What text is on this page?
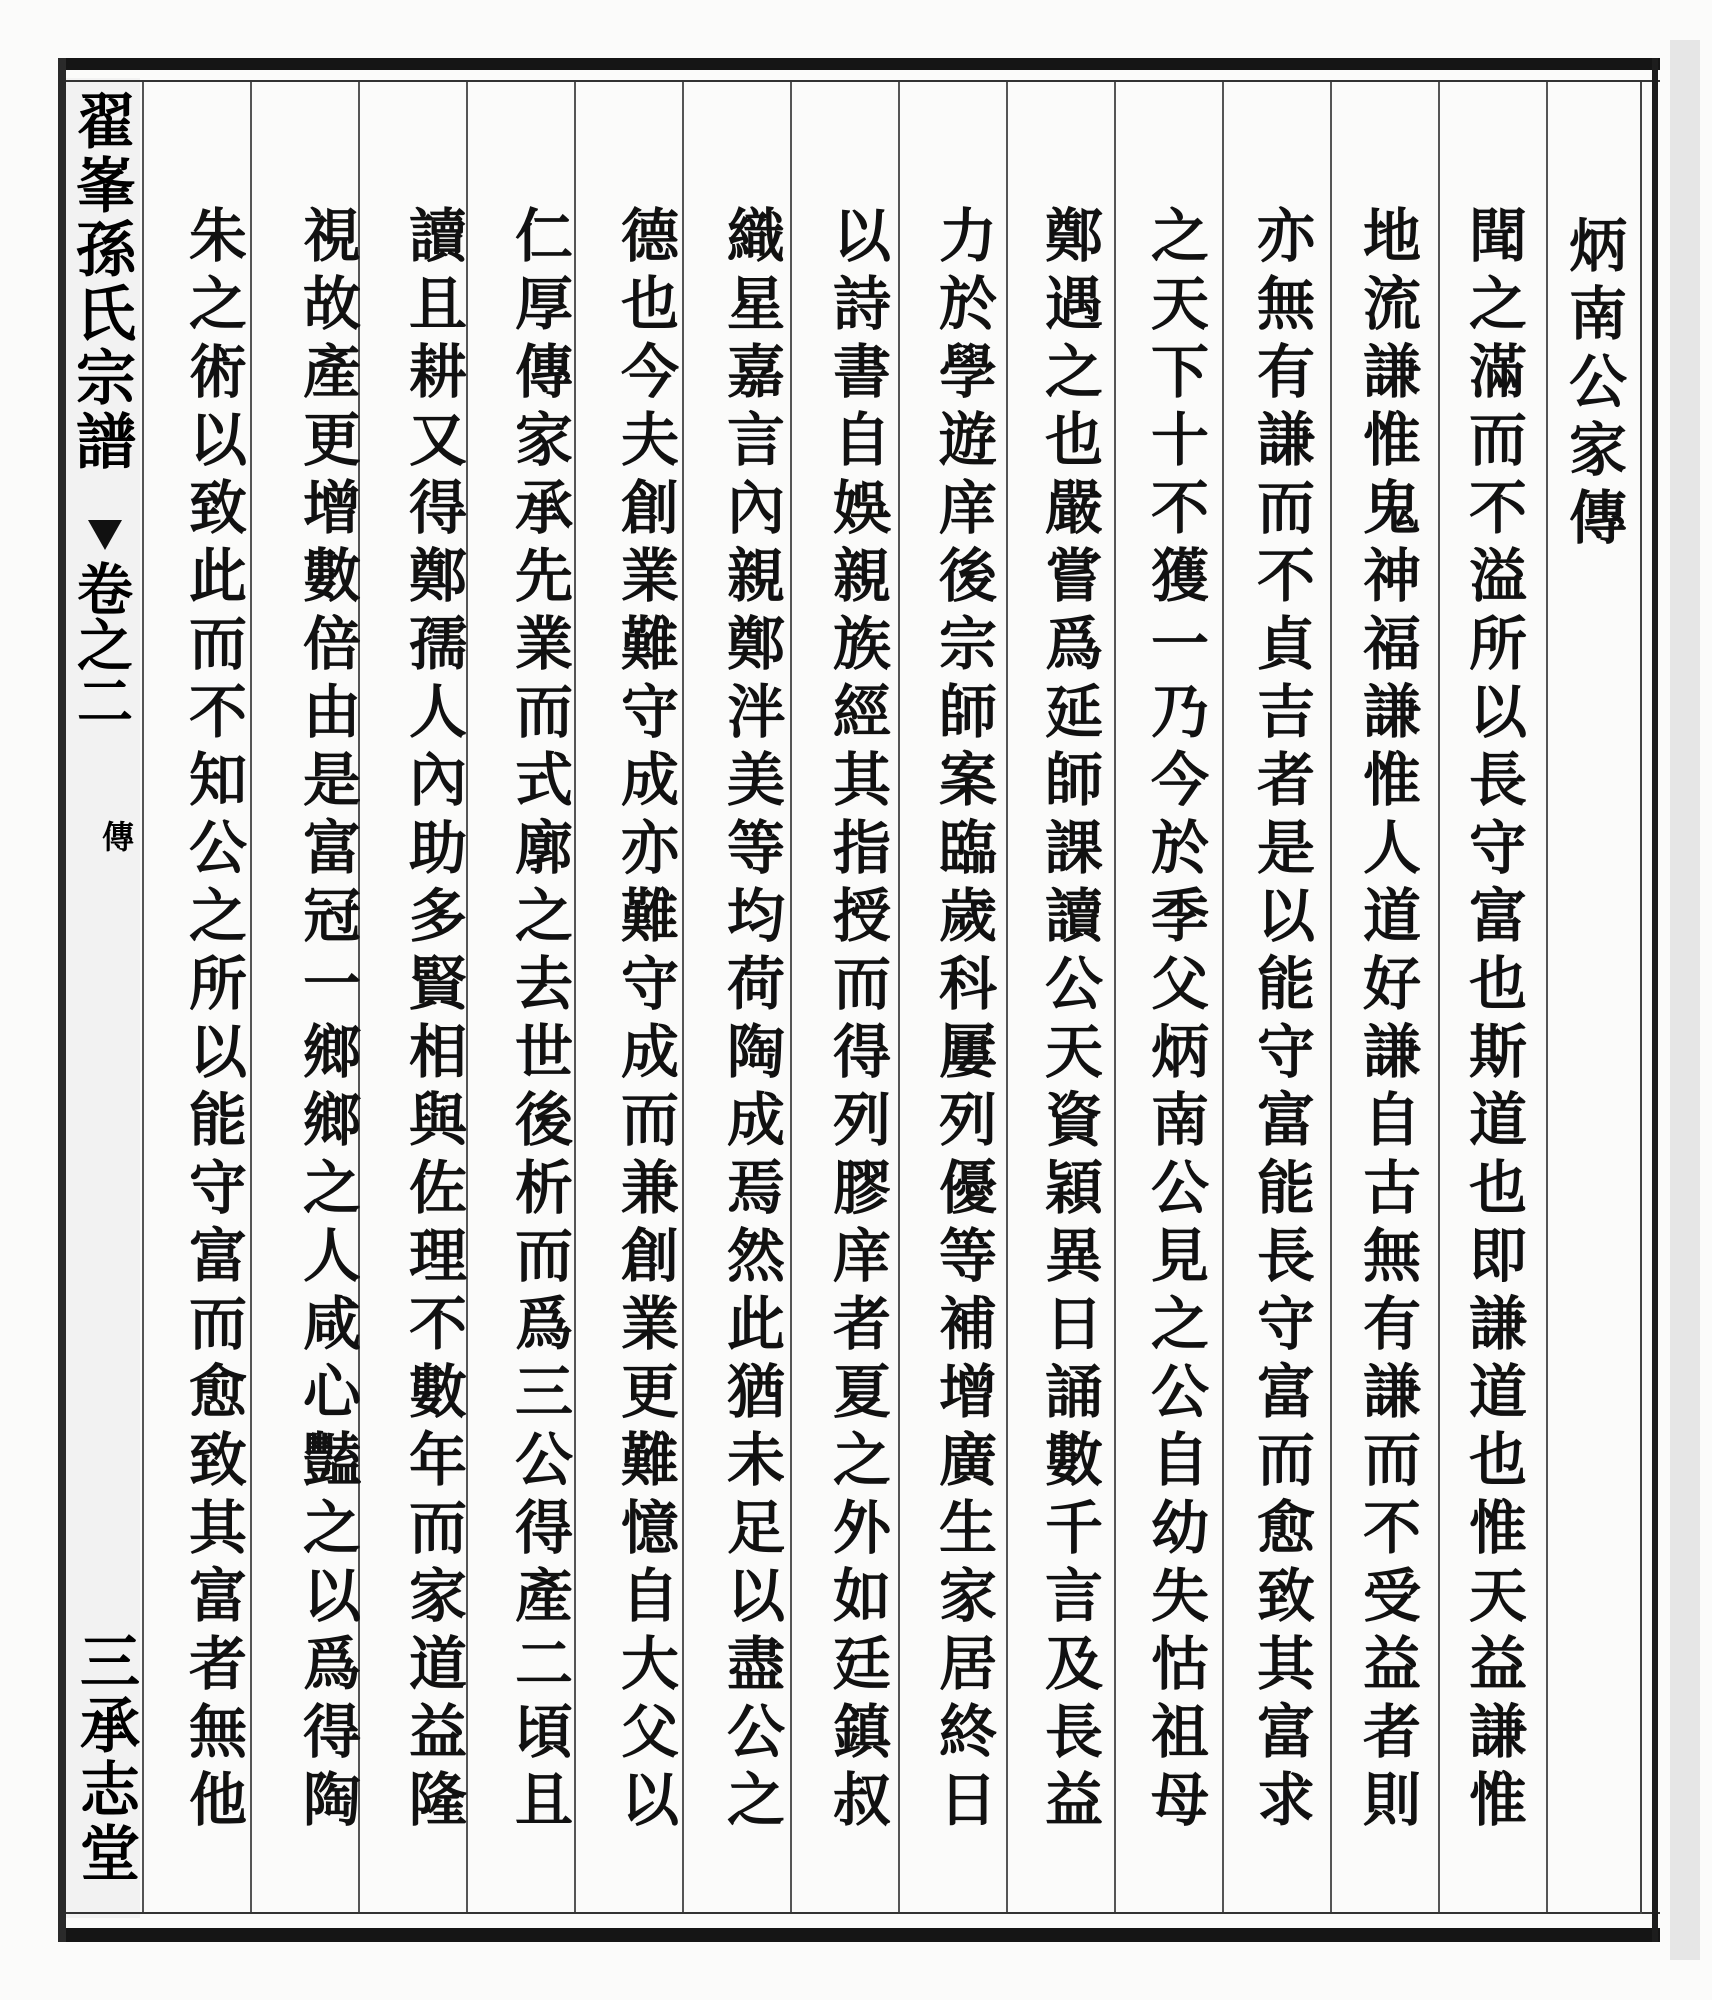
翟峯孫氏宗譜
卷之二
傳
三承志堂
炳南公家傳
聞之滿而不溢所以長守富也斯道也即謙道也惟天益謙惟
地流謙惟鬼神福謙惟人道好謙自古無有謙而不受益者則
亦無有謙而不貞吉者是以能守富能長守富而愈致其富求
之天下十不獲一乃今於季父炳南公見之公自幼失怙祖母
鄭遇之也嚴嘗爲延師課讀公天資穎異日誦數千言及長益
力於學遊庠後宗師案臨歲科屢列優等補增廣生家居終日
以詩書自娛親族經其指授而得列膠庠者夏之外如廷鎮叔
織星嘉言內親鄭泮美等均荷陶成焉然此猶未足以盡公之
德也今夫創業難守成亦難守成而兼創業更難憶自大父以
仁厚傳家承先業而式廓之去世後析而爲三公得產二頃且
讀且耕又得鄭孺人內助多賢相與佐理不數年而家道益隆
視故產更增數倍由是富冠一鄉鄉之人咸心豔之以爲得陶
朱之術以致此而不知公之所以能守富而愈致其富者無他
